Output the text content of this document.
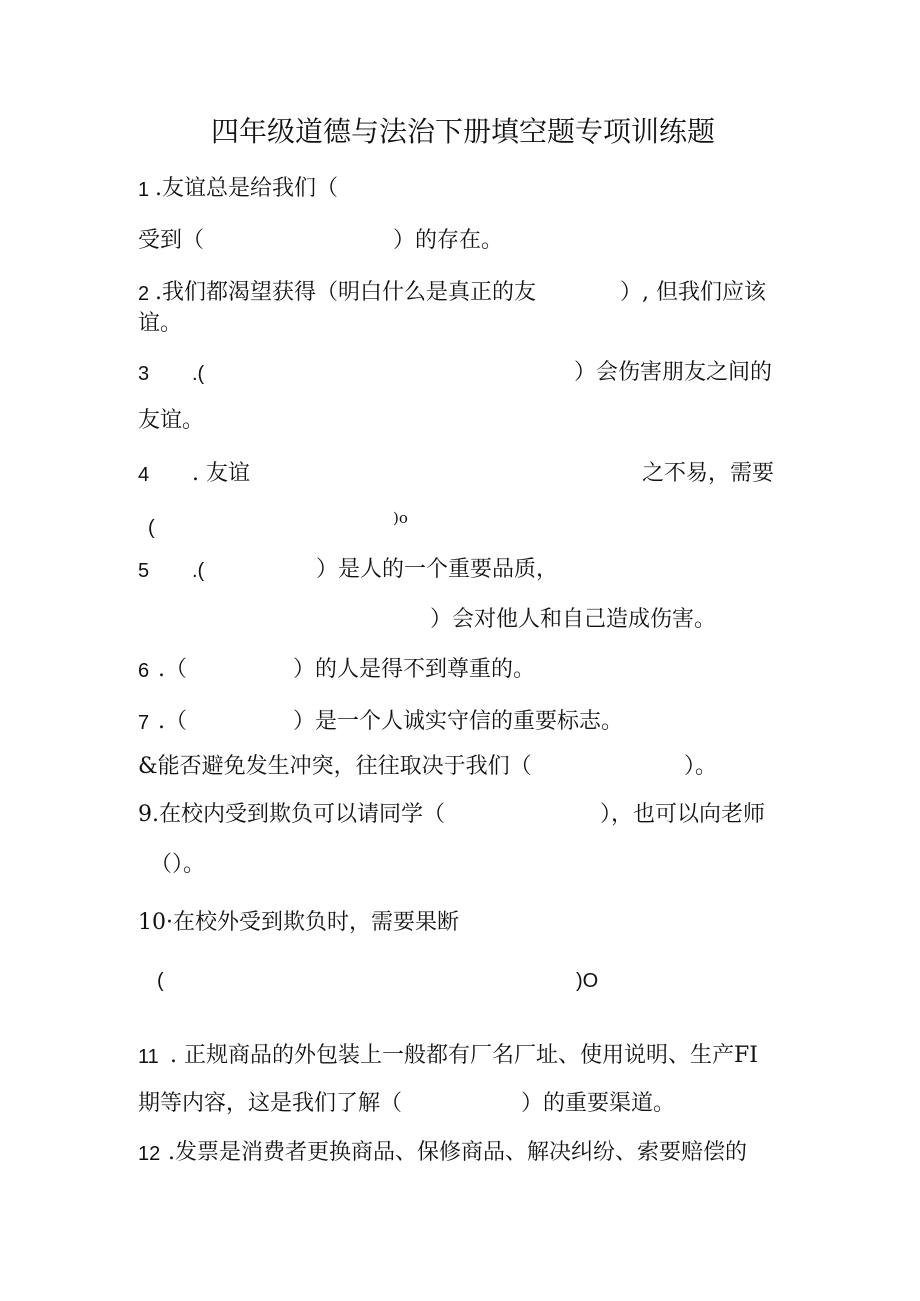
四年级道德与法治下册填空题专项训练题
1 .友谊总是给我们（
受到（	）的存在。
2 .我们都渴望获得（明白什么是真正的友	）, 但我们应该
谊。
3 .(	）会伤害朋友之间的
友谊。
4 . 友谊	之不易，需要
(	)o
5 .(	）是人的一个重要品质，
）会对他人和自己造成伤害。
6 .（	）的人是得不到尊重的。
7 .（	）是一个人诚实守信的重要标志。
&能否避免发生冲突，往往取决于我们（	）。
9.在校内受到欺负可以请同学（	），也可以向老师
（）。
10·在校外受到欺负时，需要果断
(	)O
11 . 正规商品的外包装上一般都有厂名厂址、使用说明、生产FI
期等内容，这是我们了解（	）的重要渠道。
12 .发票是消费者更换商品、保修商品、解决纠纷、索要赔偿的
